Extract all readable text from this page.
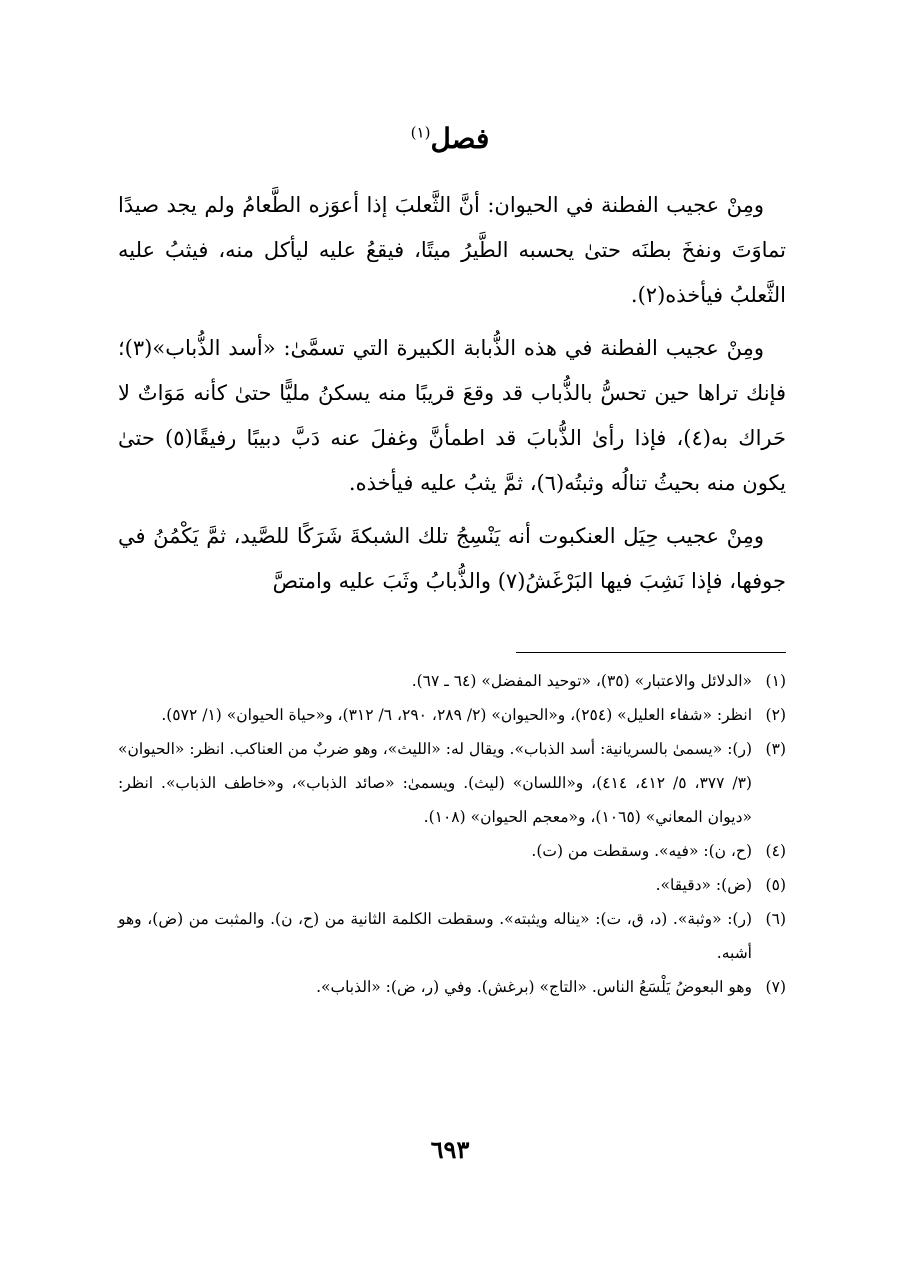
فصل$^{(١)}$

ومِنْ عجيب الفطنة في الحيوان: أنَّ الثَّعلبَ إذا أعوَزه الطَّعامُ ولم يجد صيدًا تماوَتَ ونفخَ بطنَه حتىٰ يحسبه الطَّيرُ ميتًا، فيقعُ عليه ليأكل منه، فيثبُ عليه الثَّعلبُ فيأخذه(٢).

ومِنْ عجيب الفطنة في هذه الذُّبابة الكبيرة التي تسمَّىٰ: «أسد الذُّباب»(٣)؛ فإنك تراها حين تحسُّ بالذُّباب قد وقعَ قريبًا منه يسكنُ مليًّا حتىٰ كأنه مَوَاتٌ لا حَراك به(٤)، فإذا رأىٰ الذُّبابَ قد اطمأنَّ وغفلَ عنه دَبَّ دبيبًا رفيقًا(٥) حتىٰ يكون منه بحيثُ تنالُه وثبتُه(٦)، ثمَّ يثبُ عليه فيأخذه.

ومِنْ عجيب حِيَل العنكبوت أنه يَنْسِجُ تلك الشبكةَ شَرَكًا للصَّيد، ثمَّ يَكْمُنُ في جوفها، فإذا نَشِبَ فيها البَرْغَشُ(٧) والذُّبابُ وثَبَ عليه وامتصَّ

(١)
«الدلائل والاعتبار» (٣٥)، «توحيد المفضل» (٦٤ ـ ٦٧).
(٢)
انظر: «شفاء العليل» (٢٥٤)، و«الحيوان» (٢/ ٢٨٩، ٢٩٠، ٦/ ٣١٢)، و«حياة الحيوان» (١/ ٥٧٢).
(٣)
(ر): «يسمىٰ بالسريانية: أسد الذباب». ويقال له: «الليث»، وهو ضربٌ من العناكب. انظر: «الحيوان» (٣/ ٣٧٧، ٥/ ٤١٢، ٤١٤)، و«اللسان» (ليث). ويسمىٰ: «صائد الذباب»، و«خاطف الذباب». انظر: «ديوان المعاني» (١٠٦٥)، و«معجم الحيوان» (١٠٨).
(٤)
(ح، ن): «فيه». وسقطت من (ت).
(٥)
(ض): «دقيقا».
(٦)
(ر): «وثبة». (د، ق، ت): «يناله ويثبته». وسقطت الكلمة الثانية من (ح، ن). والمثبت من (ض)، وهو أشبه.
(٧)
وهو البعوضُ يَلْسَعُ الناس. «التاج» (برغش). وفي (ر، ض): «الذباب».
٦٩٣
